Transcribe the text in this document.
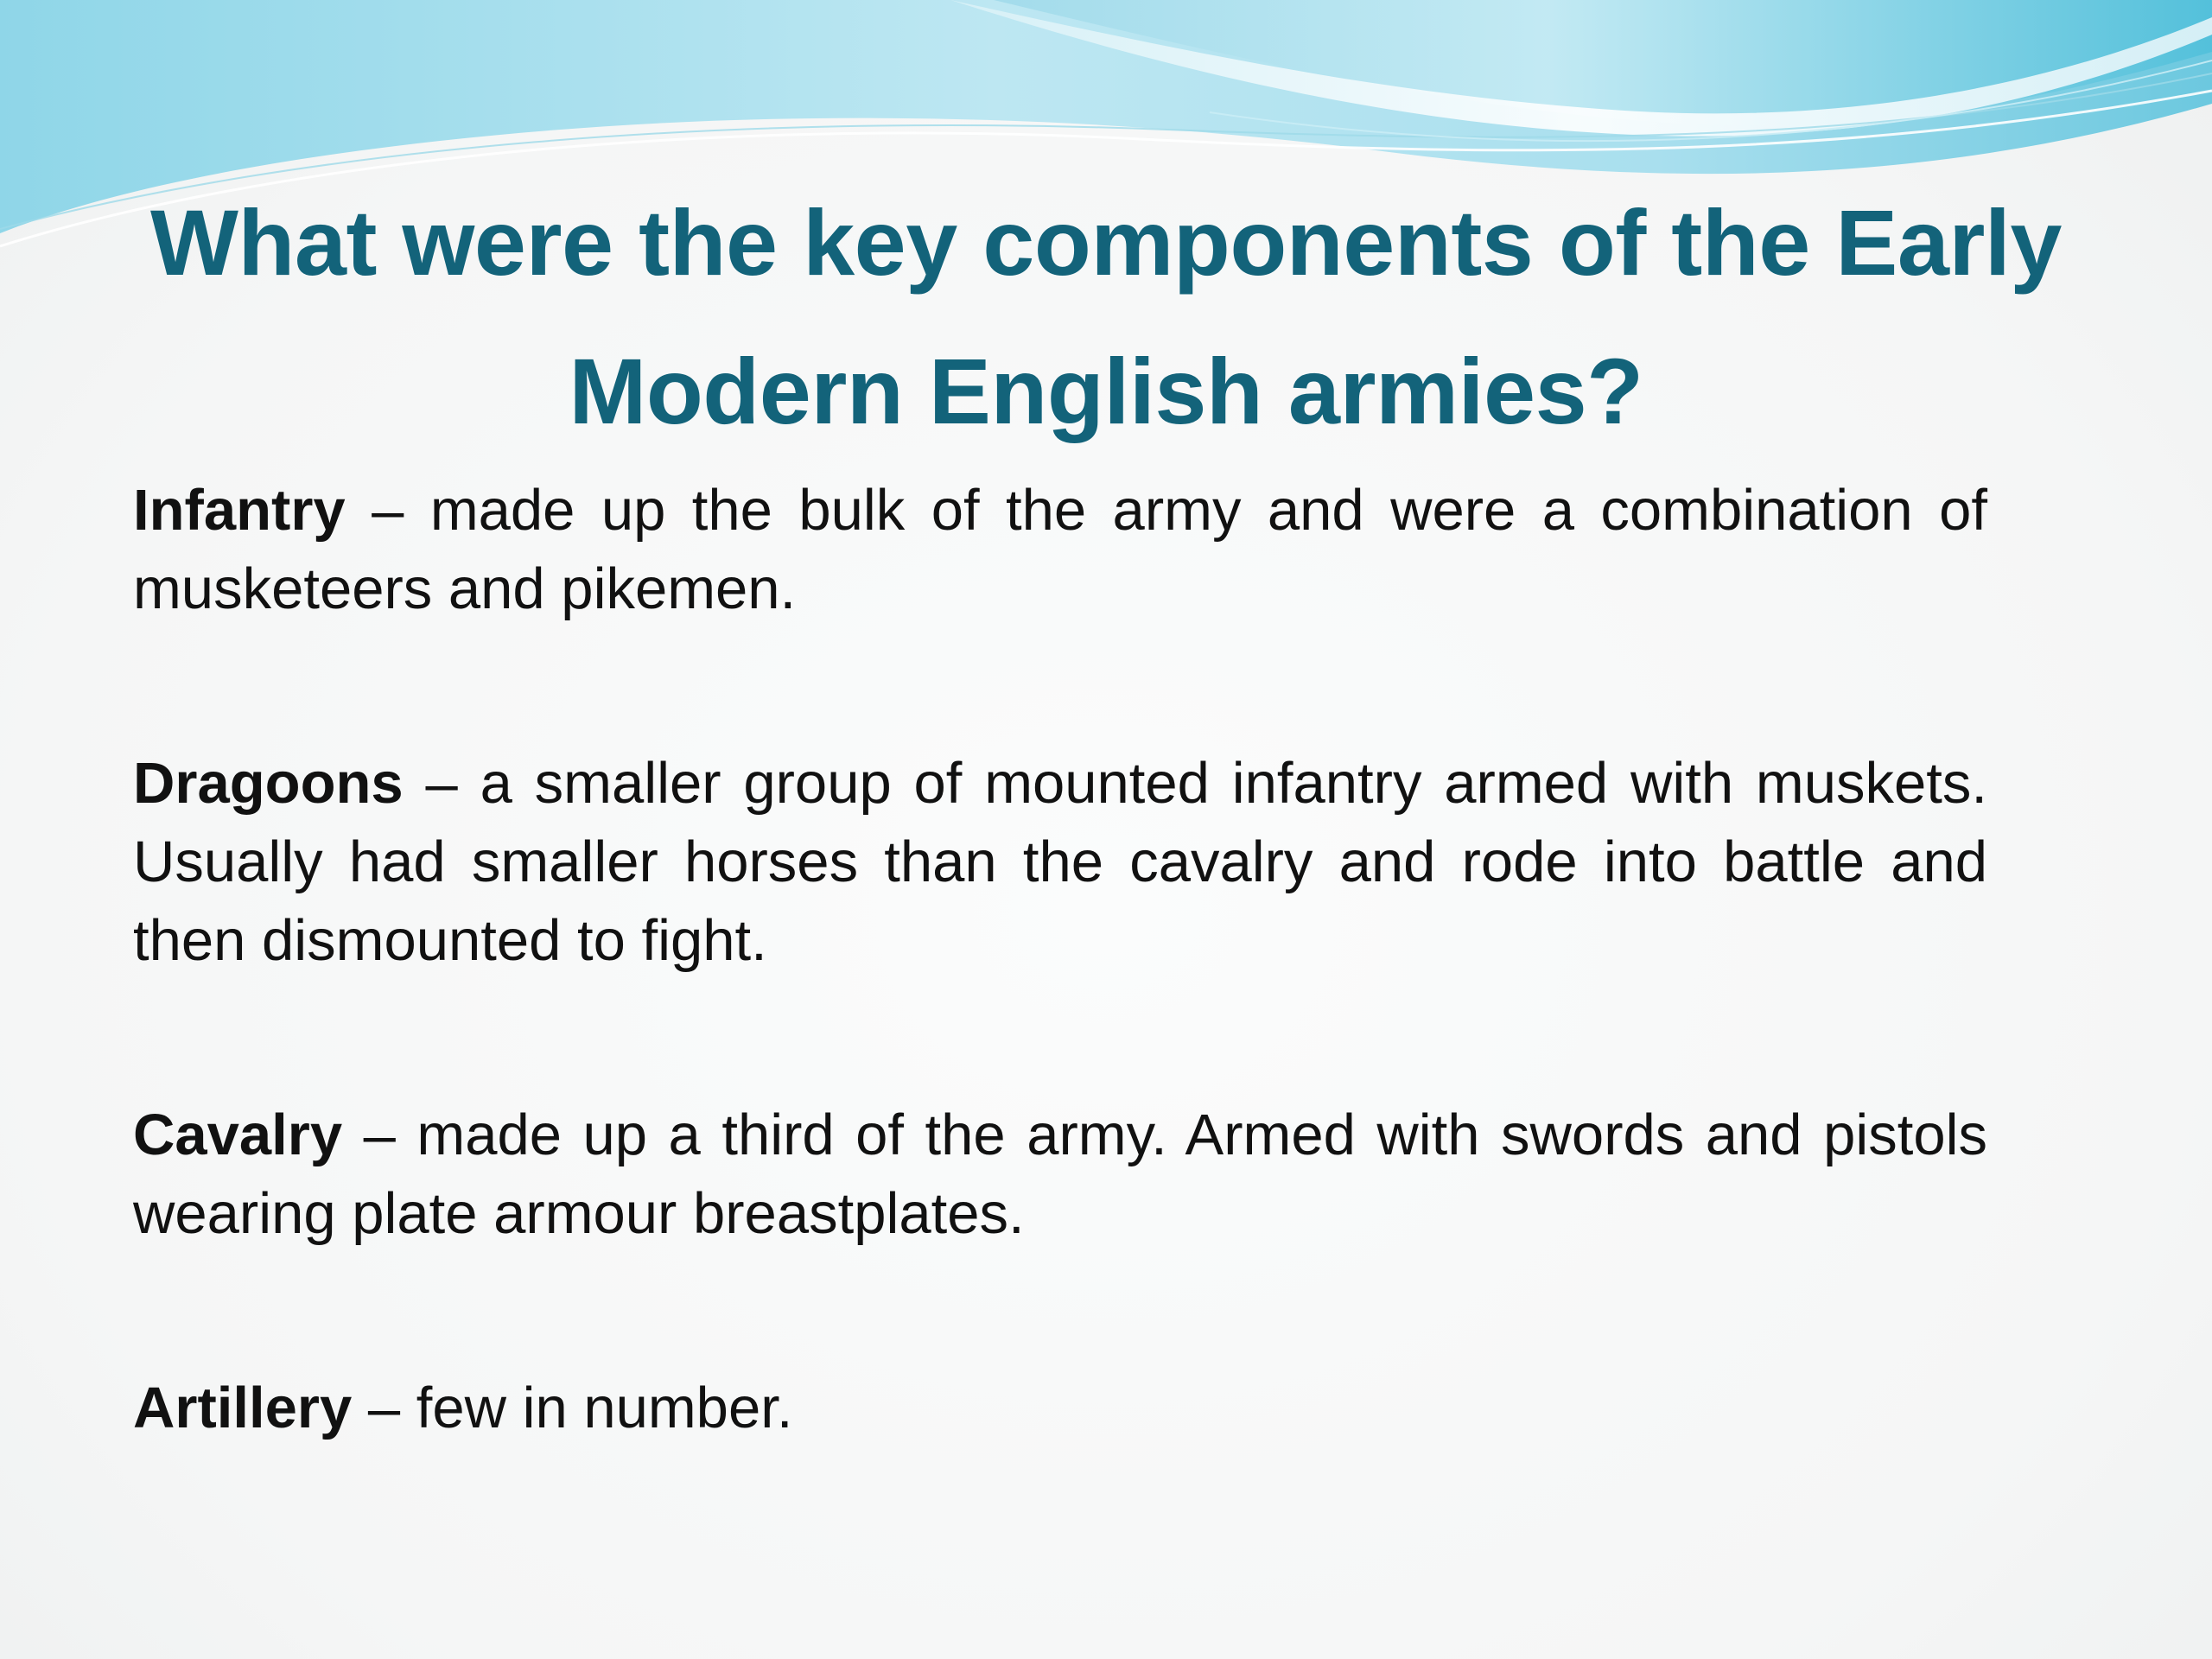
What were the key components of the Early Modern English armies?

Infantry – made up the bulk of the army and were a combination of musketeers and pikemen.

Dragoons – a smaller group of mounted infantry armed with muskets. Usually had smaller horses than the cavalry and rode into battle and then dismounted to fight.

Cavalry – made up a third of the army. Armed with swords and pistols wearing plate armour breastplates.

Artillery – few in number.
